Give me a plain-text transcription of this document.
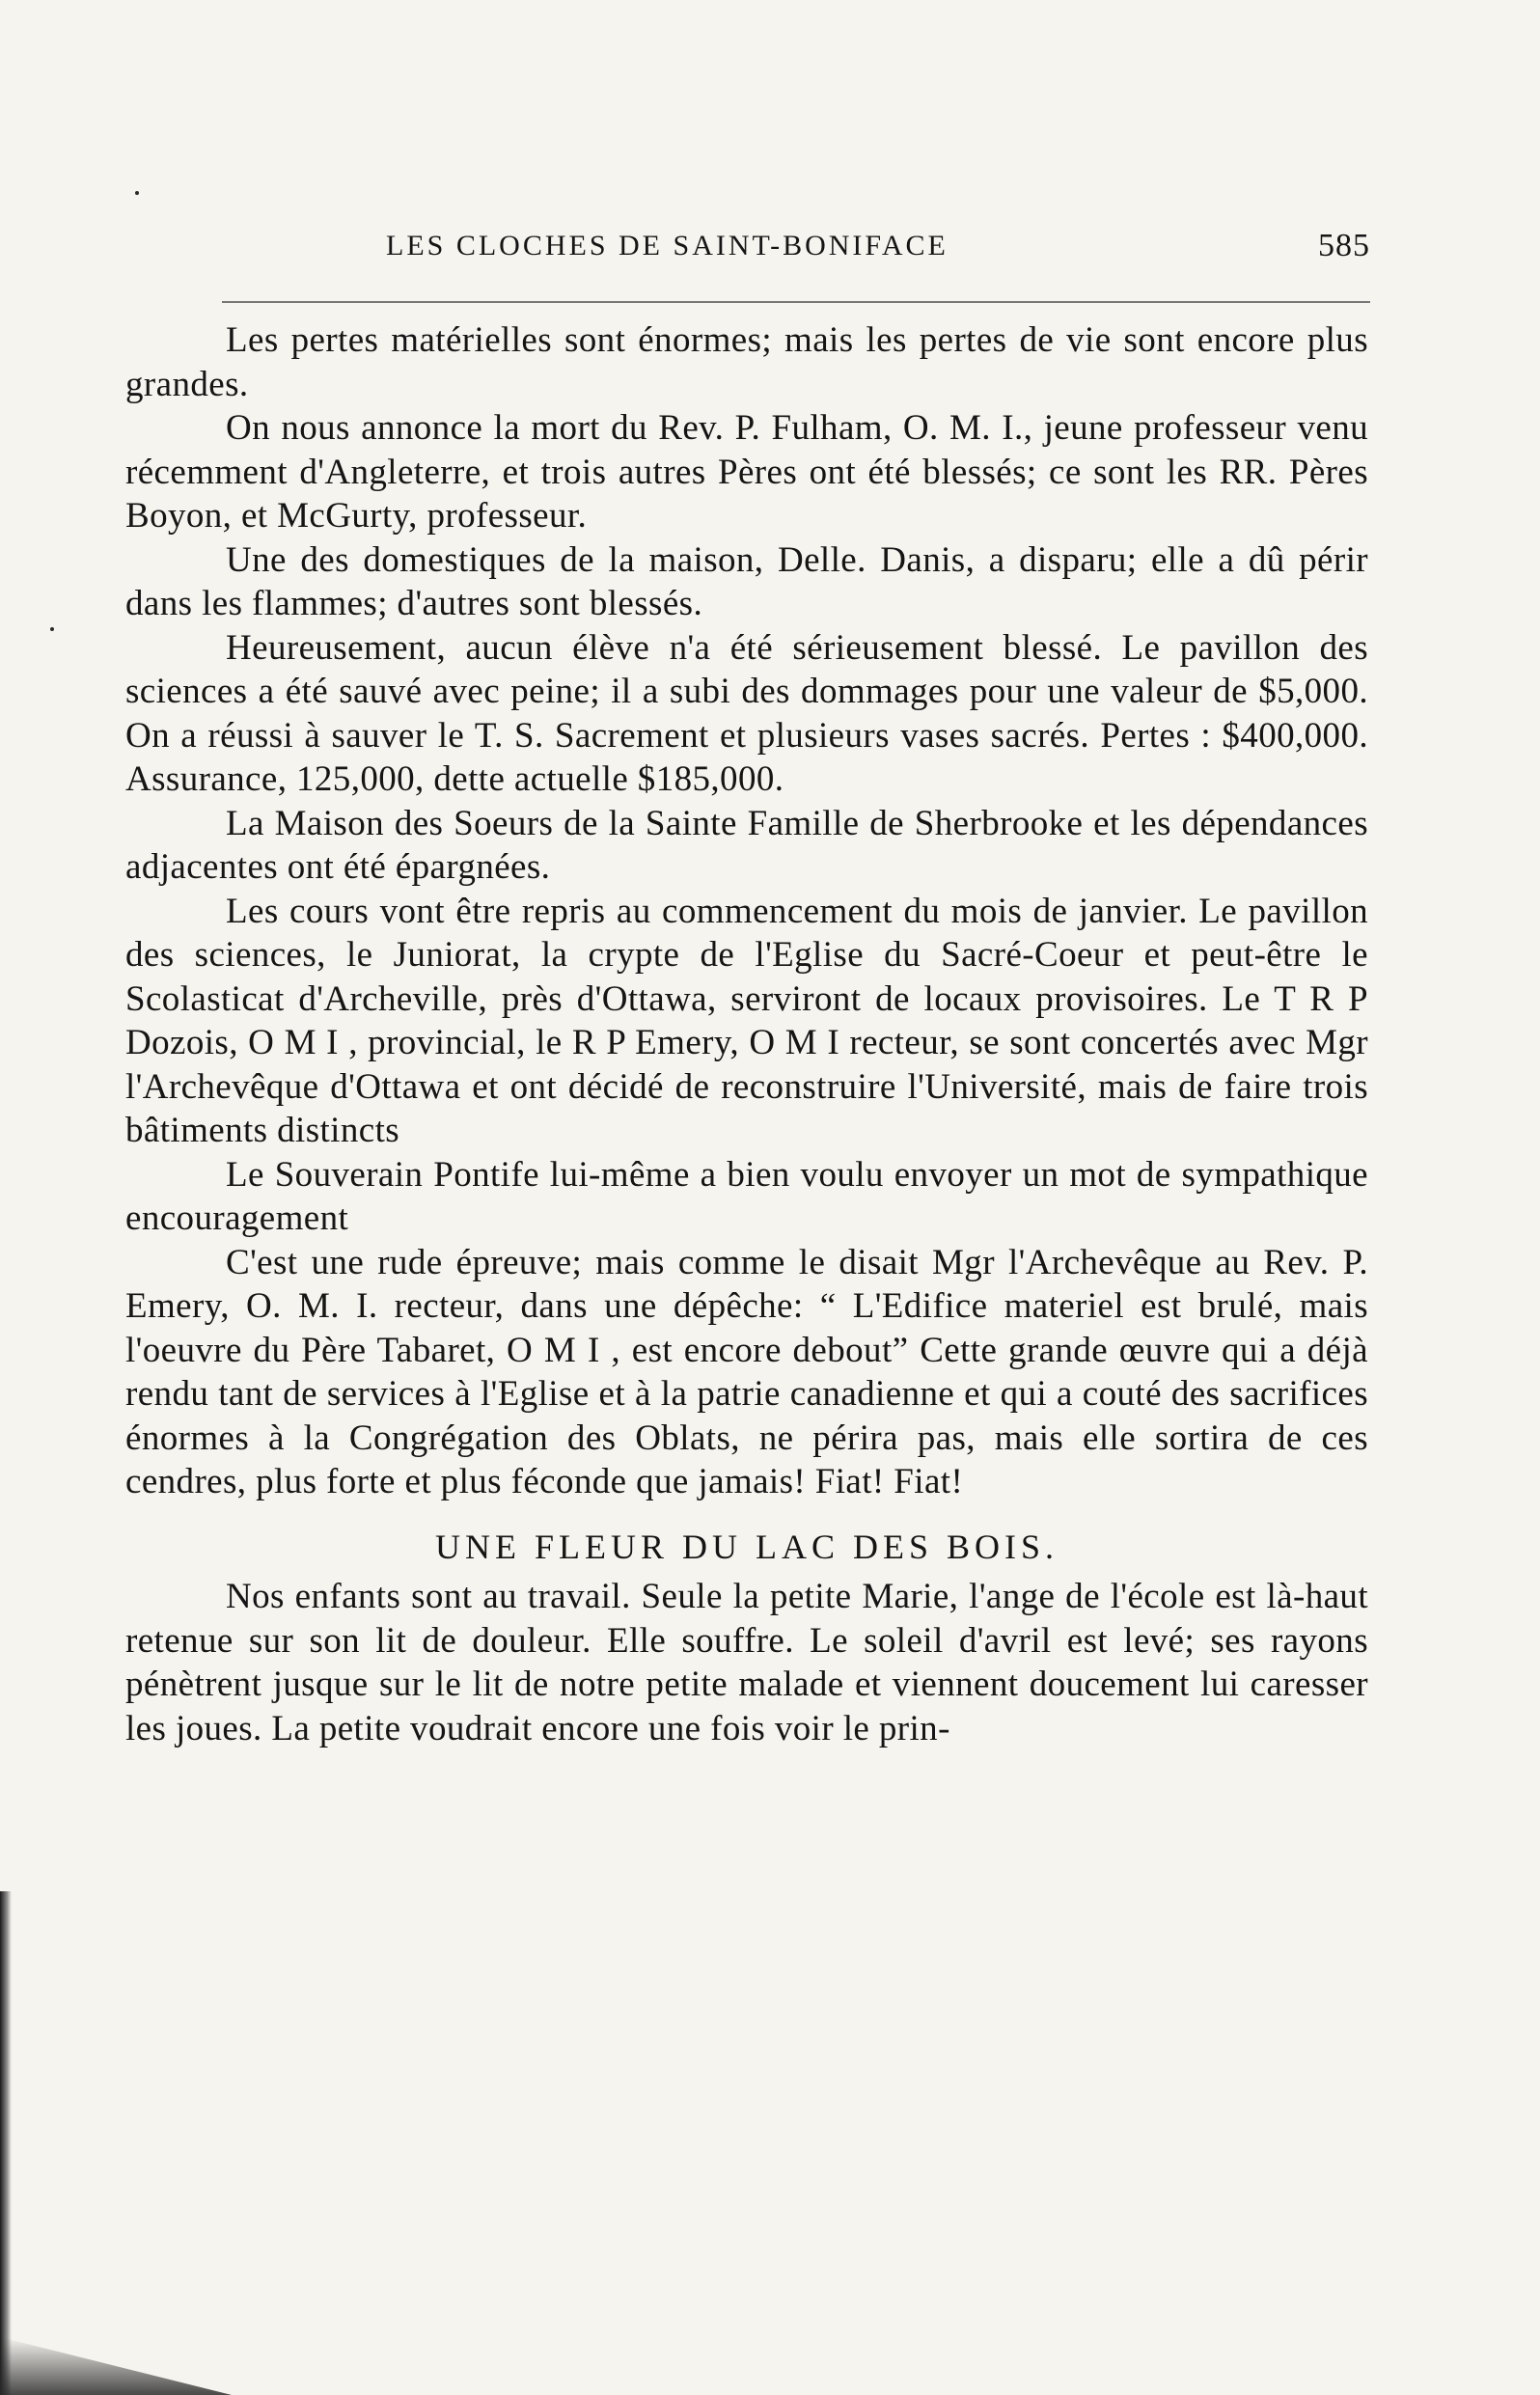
LES CLOCHES DE SAINT-BONIFACE	585

Les pertes matérielles sont énormes; mais les pertes de vie sont encore plus grandes.

On nous annonce la mort du Rev. P. Fulham, O. M. I., jeune professeur venu récemment d'Angleterre, et trois autres Pères ont été blessés; ce sont les RR. Pères Boyon, et McGurty, professeur.

Une des domestiques de la maison, Delle. Danis, a disparu; elle a dû périr dans les flammes; d'autres sont blessés.

Heureusement, aucun élève n'a été sérieusement blessé. Le pavillon des sciences a été sauvé avec peine; il a subi des dommages pour une valeur de $5,000. On a réussi à sauver le T. S. Sacrement et plusieurs vases sacrés. Pertes : $400,000. Assurance, 125,000, dette actuelle $185,000.

La Maison des Soeurs de la Sainte Famille de Sherbrooke et les dépendances adjacentes ont été épargnées.

Les cours vont être repris au commencement du mois de janvier. Le pavillon des sciences, le Juniorat, la crypte de l'Eglise du Sacré-Coeur et peut-être le Scolasticat d'Archeville, près d'Ottawa, serviront de locaux provisoires. Le T R P Dozois, O M I , provincial, le R P Emery, O M I recteur, se sont concertés avec Mgr l'Archevêque d'Ottawa et ont décidé de reconstruire l'Université, mais de faire trois bâtiments distincts

Le Souverain Pontife lui-même a bien voulu envoyer un mot de sympathique encouragement

C'est une rude épreuve; mais comme le disait Mgr l'Archevêque au Rev. P. Emery, O. M. I. recteur, dans une dépêche: “ L'Edifice materiel est brulé, mais l'oeuvre du Père Tabaret, O M I , est encore debout” Cette grande œuvre qui a déjà rendu tant de services à l'Eglise et à la patrie canadienne et qui a couté des sacrifices énormes à la Congrégation des Oblats, ne périra pas, mais elle sortira de ces cendres, plus forte et plus féconde que jamais! Fiat! Fiat!

UNE FLEUR DU LAC DES BOIS.

Nos enfants sont au travail. Seule la petite Marie, l'ange de l'école est là-haut retenue sur son lit de douleur. Elle souffre. Le soleil d'avril est levé; ses rayons pénètrent jusque sur le lit de notre petite malade et viennent doucement lui caresser les joues. La petite voudrait encore une fois voir le prin-
